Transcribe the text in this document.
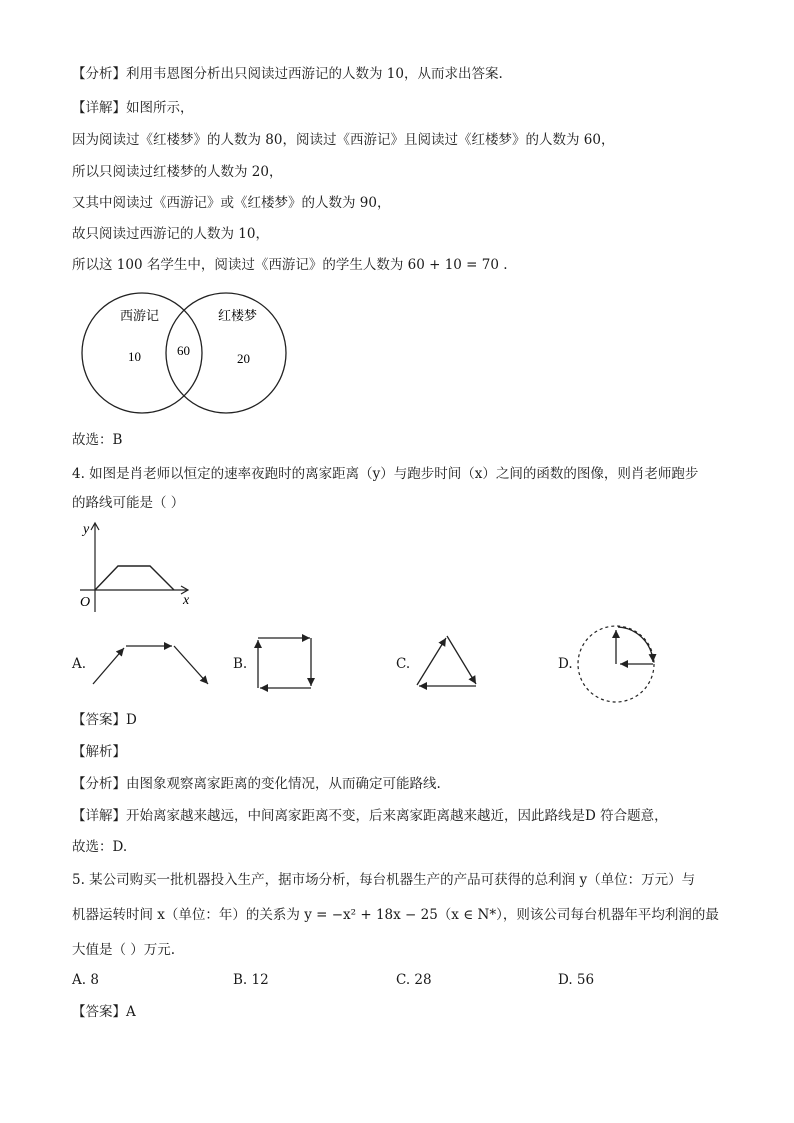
【分析】利用韦恩图分析出只阅读过西游记的人数为 10，从而求出答案.
【详解】如图所示，
因为阅读过《红楼梦》的人数为 80，阅读过《西游记》且阅读过《红楼梦》的人数为 60，
所以只阅读过红楼梦的人数为 20，
又其中阅读过《西游记》或《红楼梦》的人数为 90，
故只阅读过西游记的人数为 10，
所以这 100 名学生中，阅读过《西游记》的学生人数为 60 + 10 = 70 .
西游记	红楼梦
10	60
20
故选：B
4. 如图是肖老师以恒定的速率夜跑时的离家距离（y）与跑步时间（x）之间的函数的图像，则肖老师跑步
的路线可能是（ ）
y
x
O
A.	B.	C.	D.
【答案】D
【解析】
【分析】由图象观察离家距离的变化情况，从而确定可能路线.
【详解】开始离家越来越远，中间离家距离不变，后来离家距离越来越近，因此路线是D 符合题意，
故选：D.
5. 某公司购买一批机器投入生产，据市场分析，每台机器生产的产品可获得的总利润 y（单位：万元）与
机器运转时间 x（单位：年）的关系为 y = −x² + 18x − 25（x ∈ N*），则该公司每台机器年平均利润的最
大值是（ ）万元.
A. 8	B. 12	C. 28	D. 56
【答案】A
